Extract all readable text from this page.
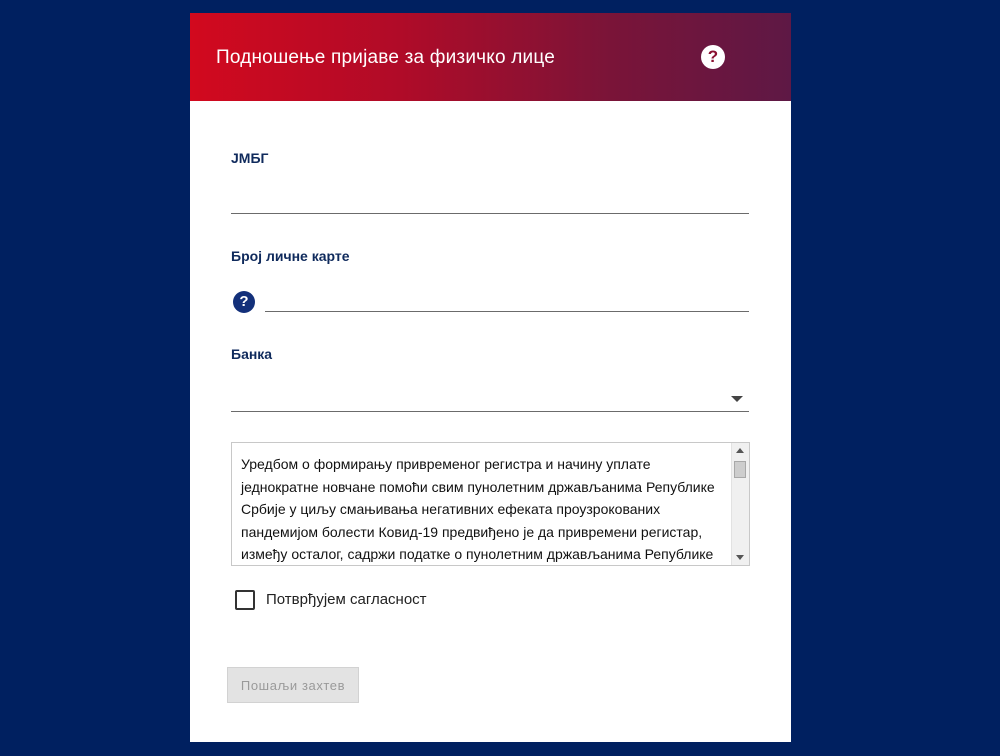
Подношење пријаве за физичко лице	?
ЈМБГ
Број личне карте
?
Банка
Уредбом о формирању привременог регистра и начину уплате једнократне новчане помоћи свим пунолетним држављанима Републике Србије у циљу смањивања негативних ефеката проузрокованих пандемијом болести Ковид-19 предвиђено је да привремени регистар, између осталог, садржи податке о пунолетним држављанима Републике
Потврђујем сагласност
Пошаљи захтев
